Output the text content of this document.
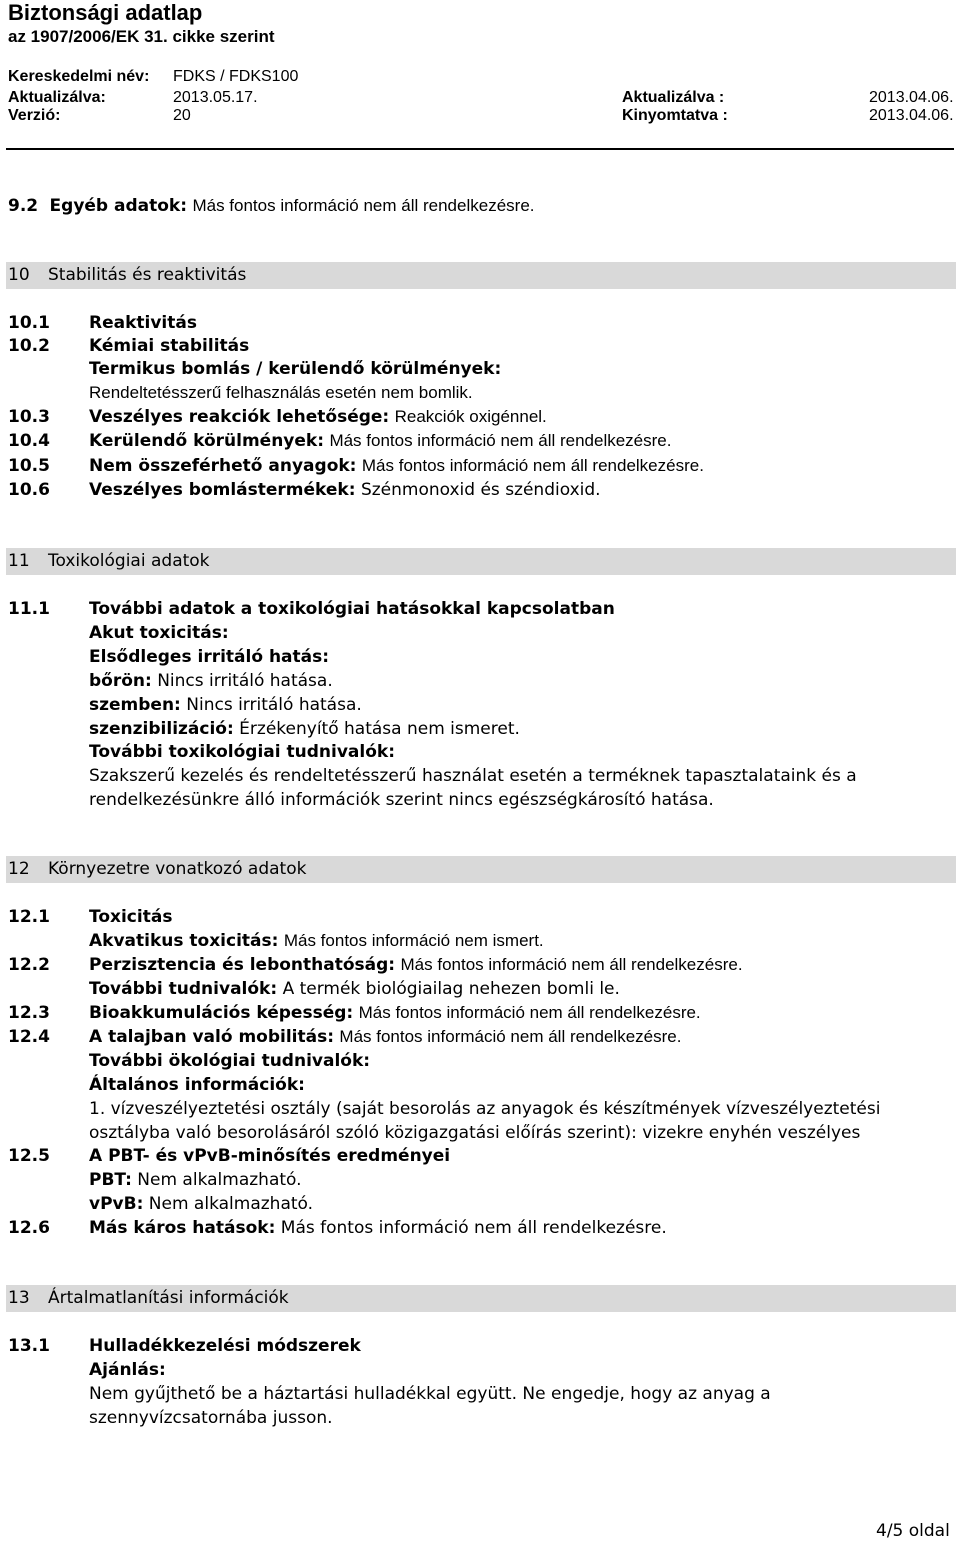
Biztonsági adatlap
az 1907/2006/EK 31. cikke szerint
Kereskedelmi név: FDKS / FDKS100
Aktualizálva:	2013.05.17.	Aktualizálva :	2013.04.06.
Verzió:	20	Kinyomtatva :	2013.04.06.
9.2 Egyéb adatok: Más fontos információ nem áll rendelkezésre.
10 Stabilitás és reaktivitás
10.1 Reaktivitás
10.2 Kémiai stabilitás
Termikus bomlás / kerülendő körülmények:
Rendeltetésszerű felhasználás esetén nem bomlik.
10.3 Veszélyes reakciók lehetősége: Reakciók oxigénnel.
10.4 Kerülendő körülmények: Más fontos információ nem áll rendelkezésre.
10.5 Nem összeférhető anyagok: Más fontos információ nem áll rendelkezésre.
10.6 Veszélyes bomlástermékek: Szénmonoxid és széndioxid.
11 Toxikológiai adatok
11.1 További adatok a toxikológiai hatásokkal kapcsolatban
Akut toxicitás:
Elsődleges irritáló hatás:
bőrön: Nincs irritáló hatása.
szemben: Nincs irritáló hatása.
szenzibilizáció: Érzékenyítő hatása nem ismeret.
További toxikológiai tudnivalók:
Szakszerű kezelés és rendeltetésszerű használat esetén a terméknek tapasztalataink és a
rendelkezésünkre álló információk szerint nincs egészségkárosító hatása.
12 Környezetre vonatkozó adatok
12.1 Toxicitás
Akvatikus toxicitás: Más fontos információ nem ismert.
12.2 Perzisztencia és lebonthatóság: Más fontos információ nem áll rendelkezésre.
További tudnivalók: A termék biológiailag nehezen bomli le.
12.3 Bioakkumulációs képesség: Más fontos információ nem áll rendelkezésre.
12.4 A talajban való mobilitás: Más fontos információ nem áll rendelkezésre.
További ökológiai tudnivalók:
Általános információk:
1. vízveszélyeztetési osztály (saját besorolás az anyagok és készítmények vízveszélyeztetési
osztályba való besorolásáról szóló közigazgatási előírás szerint): vizekre enyhén veszélyes
12.5 A PBT- és vPvB-minősítés eredményei
PBT: Nem alkalmazható.
vPvB: Nem alkalmazható.
12.6 Más káros hatások: Más fontos információ nem áll rendelkezésre.
13 Ártalmatlanítási információk
13.1 Hulladékkezelési módszerek
Ajánlás:
Nem gyűjthető be a háztartási hulladékkal együtt. Ne engedje, hogy az anyag a
szennyvízcsatornába jusson.
4/5 oldal
